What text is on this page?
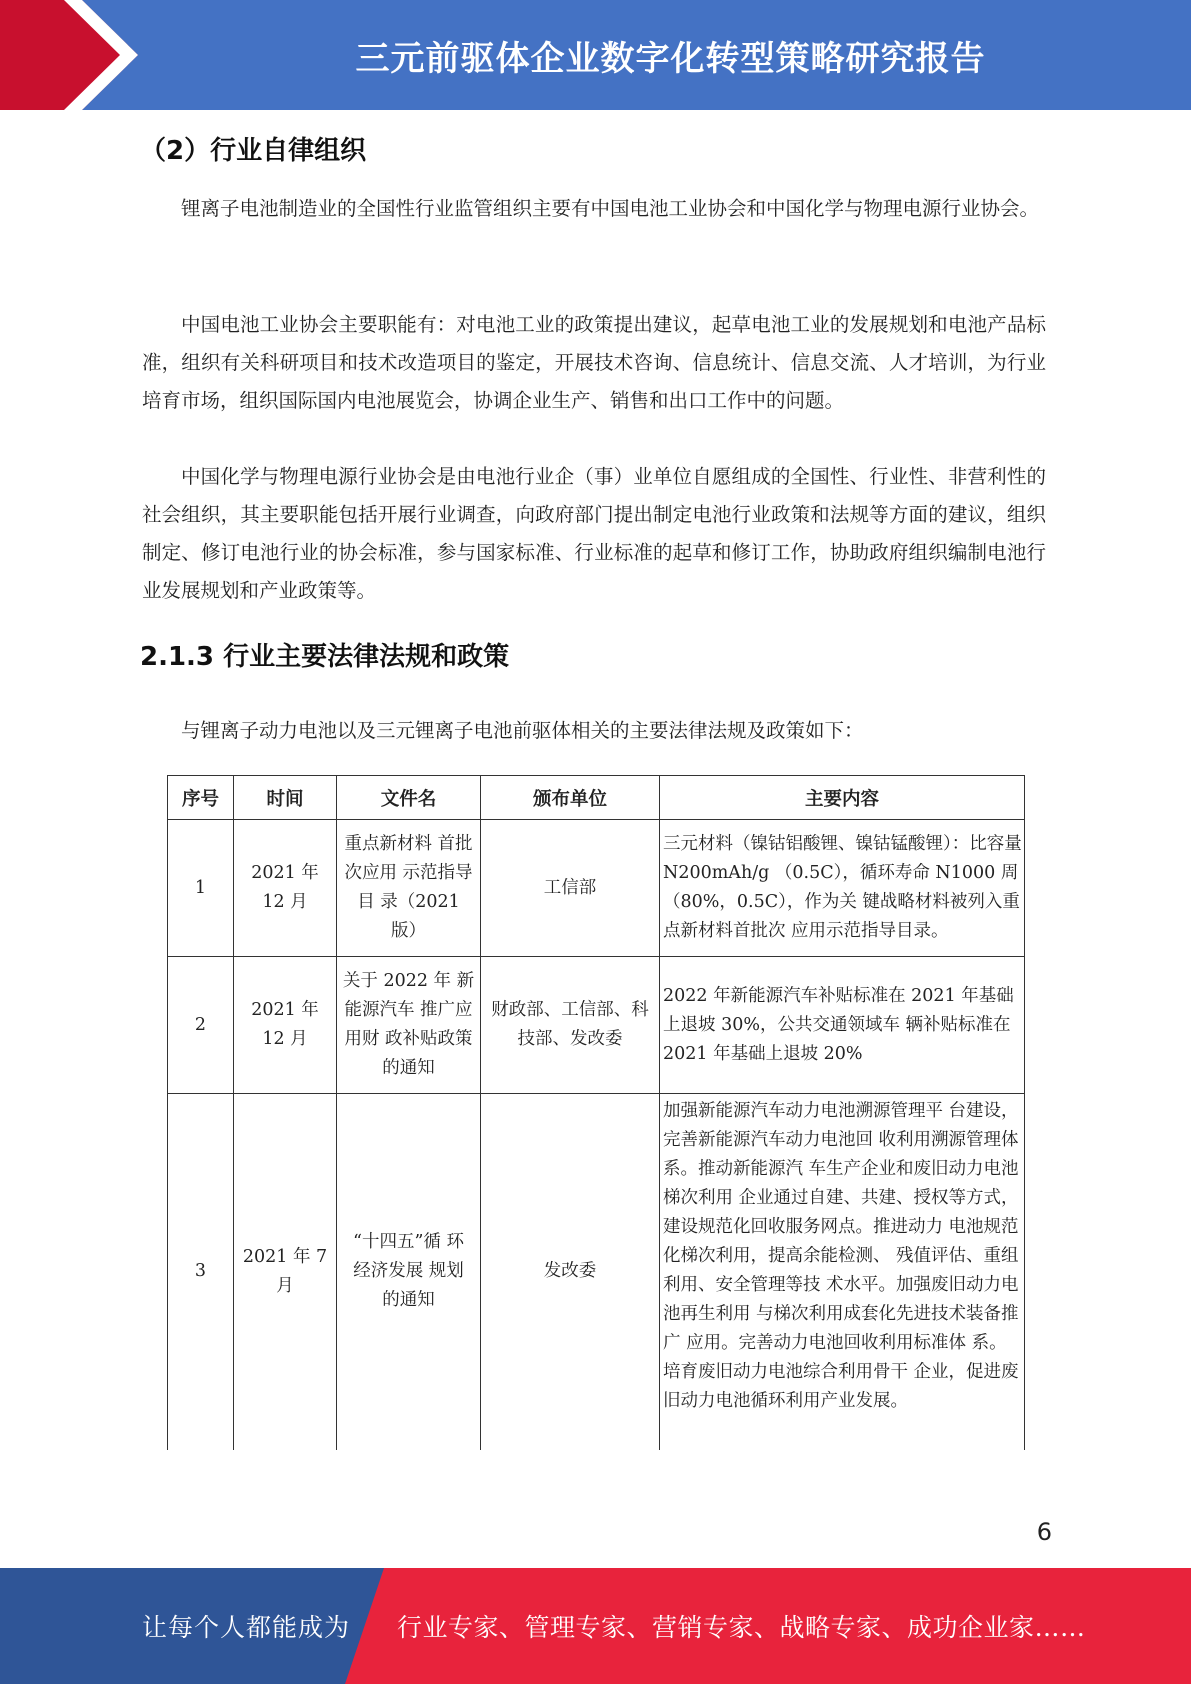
三元前驱体企业数字化转型策略研究报告
（2）行业自律组织

锂离子电池制造业的全国性行业监管组织主要有中国电池工业协会和中国化学与物理电源行业协会。

中国电池工业协会主要职能有：对电池工业的政策提出建议，起草电池工业的发展规划和电池产品标准，组织有关科研项目和技术改造项目的鉴定，开展技术咨询、信息统计、信息交流、人才培训，为行业培育市场，组织国际国内电池展览会，协调企业生产、销售和出口工作中的问题。

中国化学与物理电源行业协会是由电池行业企（事）业单位自愿组成的全国性、行业性、非营利性的社会组织，其主要职能包括开展行业调查，向政府部门提出制定电池行业政策和法规等方面的建议，组织制定、修订电池行业的协会标准，参与国家标准、行业标准的起草和修订工作，协助政府组织编制电池行业发展规划和产业政策等。

2.1.3 行业主要法律法规和政策

与锂离子动力电池以及三元锂离子电池前驱体相关的主要法律法规及政策如下：

序号	时间	文件名	颁布单位	主要内容
1	2021 年 12 月	重点新材料 首批次应用 示范指导目 录（2021 版）	工信部	三元材料（镍钴铝酸锂、镍钴锰酸锂）：比容量 N200mAh/g （0.5C），循环寿命 N1000 周（80%，0.5C），作为关 键战略材料被列入重点新材料首批次 应用示范指导目录。
2	2021 年 12 月	关于 2022 年 新能源汽车 推广应用财 政补贴政策 的通知	财政部、工信部、科技部、发改委	2022 年新能源汽车补贴标准在 2021 年基础上退坡 30%，公共交通领域车 辆补贴标准在 2021 年基础上退坡 20%
3	2021 年 7 月	“十四五”循 环经济发展 规划的通知	发改委	加强新能源汽车动力电池溯源管理平 台建设，完善新能源汽车动力电池回 收利用溯源管理体系。推动新能源汽 车生产企业和废旧动力电池梯次利用 企业通过自建、共建、授权等方式， 建设规范化回收服务网点。推进动力 电池规范化梯次利用，提高余能检测、 残值评估、重组利用、安全管理等技 术水平。加强废旧动力电池再生利用 与梯次利用成套化先进技术装备推广 应用。完善动力电池回收利用标准体 系。培育废旧动力电池综合利用骨干 企业，促进废旧动力电池循环利用产业发展。
6
让每个人都能成为 行业专家、管理专家、营销专家、战略专家、成功企业家……
